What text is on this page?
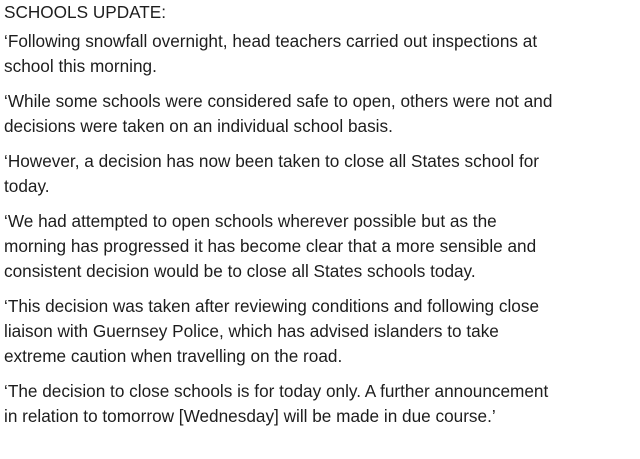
SCHOOLS UPDATE:

‘Following snowfall overnight, head teachers carried out inspections at
school this morning.

‘While some schools were considered safe to open, others were not and
decisions were taken on an individual school basis.

‘However, a decision has now been taken to close all States school for
today.

‘We had attempted to open schools wherever possible but as the
morning has progressed it has become clear that a more sensible and
consistent decision would be to close all States schools today.

‘This decision was taken after reviewing conditions and following close
liaison with Guernsey Police, which has advised islanders to take
extreme caution when travelling on the road.

‘The decision to close schools is for today only. A further announcement
in relation to tomorrow [Wednesday] will be made in due course.’
